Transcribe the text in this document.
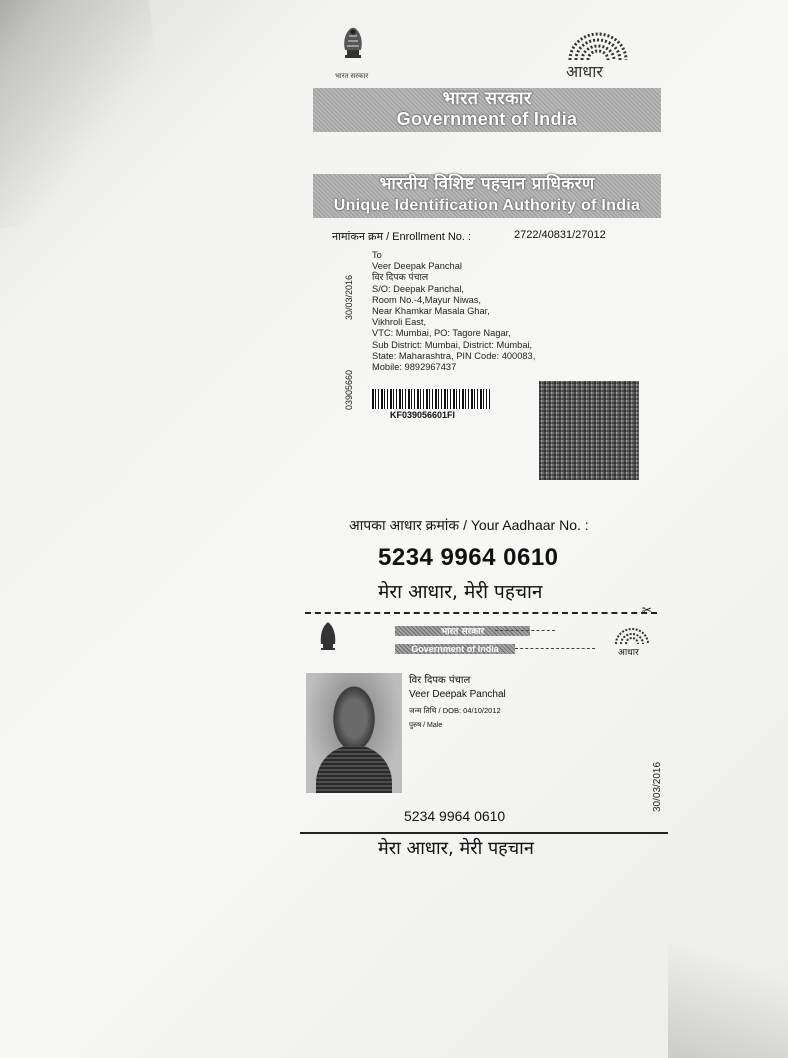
भारत सरकार	आधार
भारत सरकार
Government of India
भारतीय विशिष्ट पहचान प्राधिकरण
Unique Identification Authority of India
नामांकन क्रम / Enrollment No. :	2722/40831/27012
30/03/2016
03905660
To
Veer Deepak Panchal
विर दिपक पंचाल
S/O: Deepak Panchal,
Room No.-4,Mayur Niwas,
Near Khamkar Masala Ghar,
Vikhroli East,
VTC: Mumbai, PO: Tagore Nagar,
Sub District: Mumbai, District: Mumbai,
State: Maharashtra, PIN Code: 400083,
Mobile: 9892967437
KF039056601FI
आपका आधार क्रमांक / Your Aadhaar No. :
5234 9964 0610
मेरा आधार, मेरी पहचान
✂
भारत सरकार
Government of India	आधार
विर दिपक पंचाल
Veer Deepak Panchal
जन्म तिथि / DOB: 04/10/2012
पुरुष / Male
30/03/2016
5234 9964 0610
मेरा आधार, मेरी पहचान
